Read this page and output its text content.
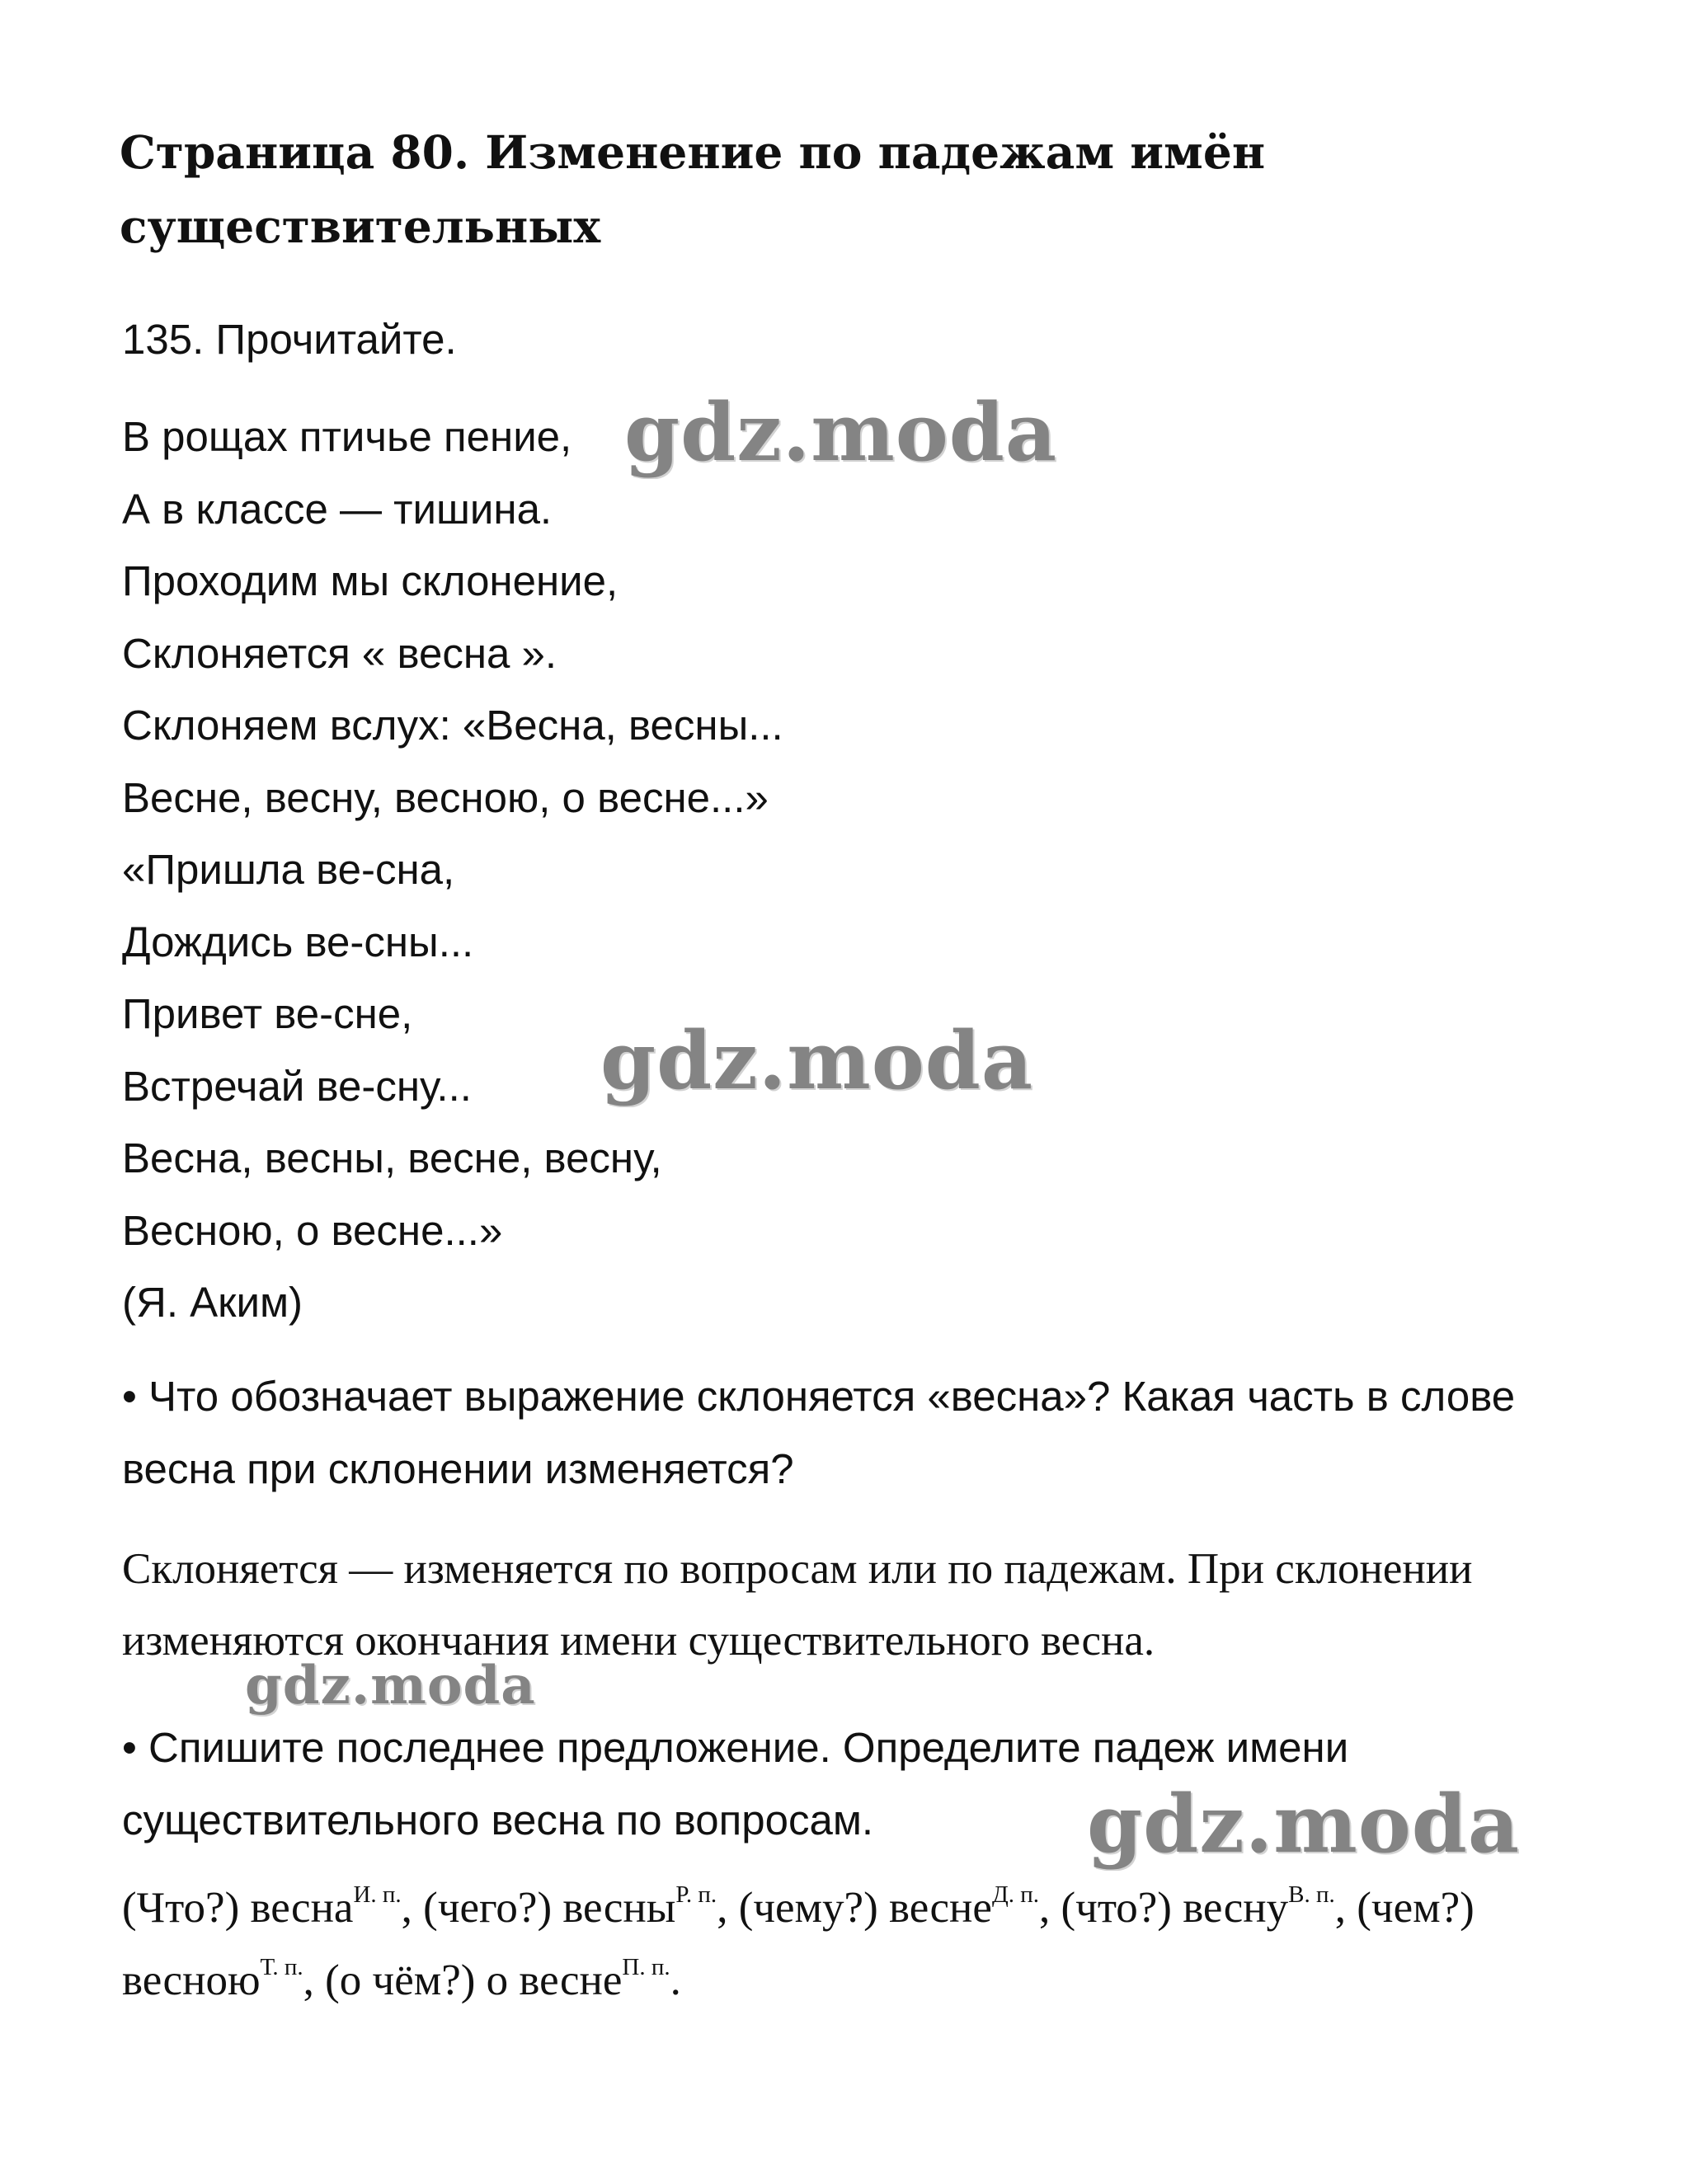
Страница 80. Изменение по падежам имён существительных
135. Прочитайте.
В рощах птичье пение,
А в классе — тишина.
Проходим мы склонение,
Склоняется « весна ».
Склоняем вслух: «Весна, весны...
Весне, весну, весною, о весне...»
«Пришла ве-сна,
Дождись ве-сны...
Привет ве-сне,
Встречай ве-сну...
Весна, весны, весне, весну,
Весною, о весне...»
(Я. Аким)

• Что обозначает выражение склоняется «весна»? Какая часть в слове весна при склонении изменяется?

Склоняется — изменяется по вопросам или по падежам. При склонении изменяются окончания имени существительного весна.

• Спишите последнее предложение. Определите падеж имени существительного весна по вопросам.

(Что?) весна$^{И. п.}$, (чего?) весны$^{Р. п.}$, (чему?) весне$^{Д. п.}$, (что?) весну$^{В. п.}$, (чем?) весною$^{Т. п.}$, (о чём?) о весне$^{П. п.}$.

gdz.moda
gdz.moda
gdz.moda
gdz.moda
